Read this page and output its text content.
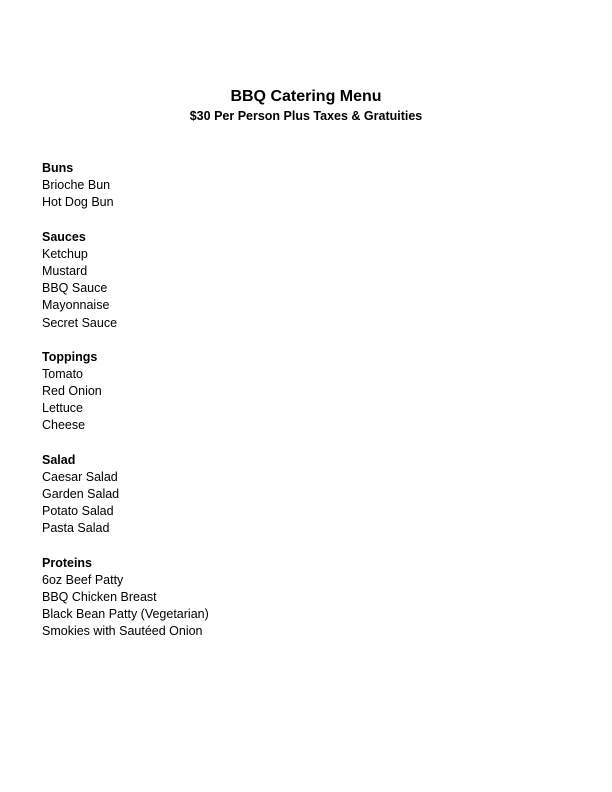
BBQ Catering Menu
$30 Per Person Plus Taxes & Gratuities
Buns
Brioche Bun
Hot Dog Bun
Sauces
Ketchup
Mustard
BBQ Sauce
Mayonnaise
Secret Sauce
Toppings
Tomato
Red Onion
Lettuce
Cheese
Salad
Caesar Salad
Garden Salad
Potato Salad
Pasta Salad
Proteins
6oz Beef Patty
BBQ Chicken Breast
Black Bean Patty (Vegetarian)
Smokies with Sautéed Onion
